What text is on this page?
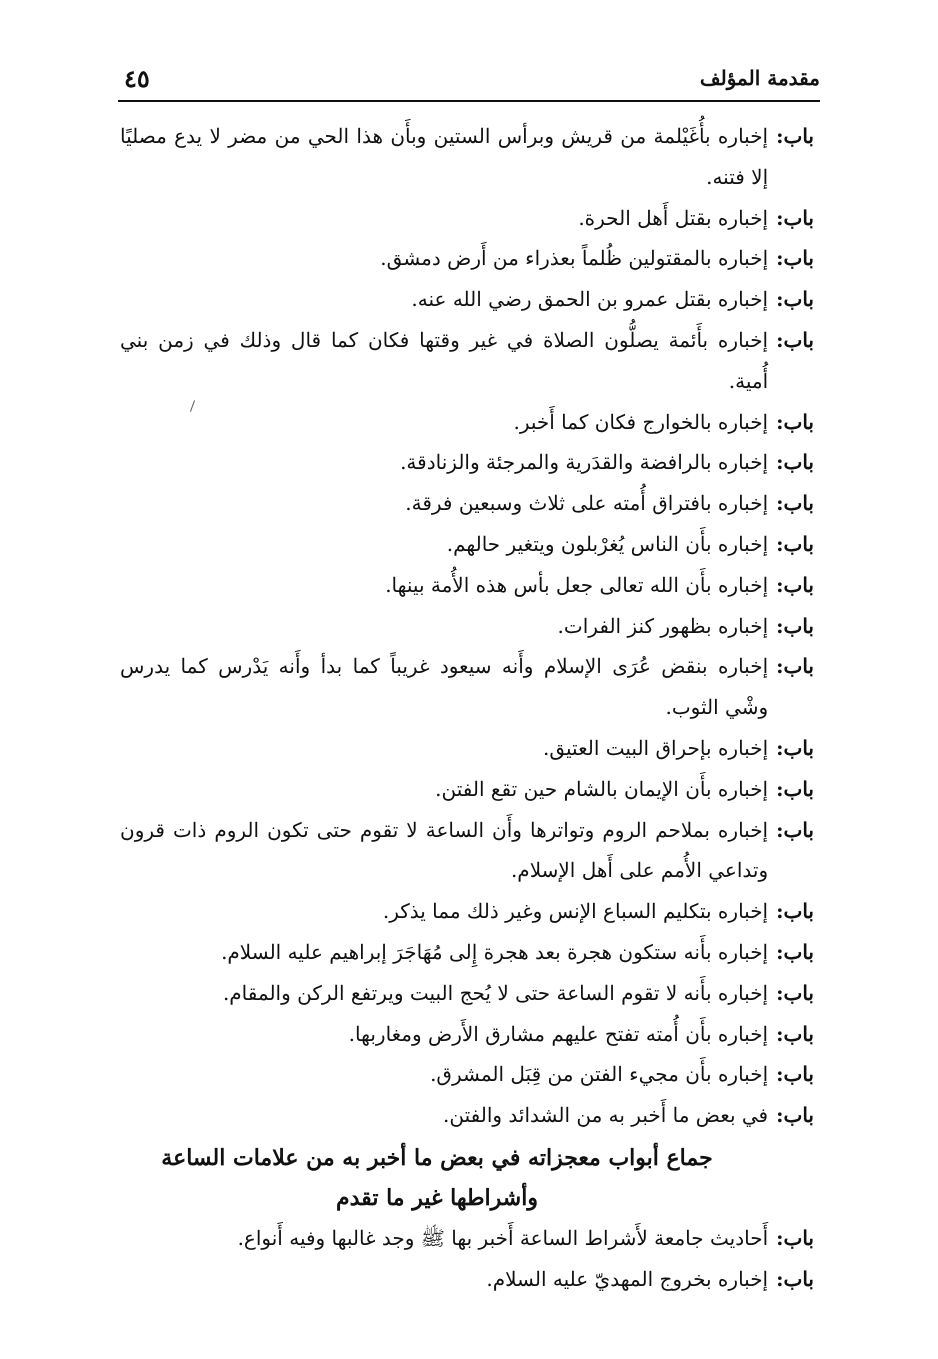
مقدمة المؤلف
٤٥
باب:
إخباره بأُغَيْلمة من قريش وبرأس الستين وبأَن هذا الحي من مضر لا يدع مصليًا إلا فتنه.
باب:
إخباره بقتل أَهل الحرة.
باب:
إخباره بالمقتولين ظُلماً بعذراء من أَرض دمشق.
باب:
إخباره بقتل عمرو بن الحمق رضي الله عنه.
باب:
إخباره بأَئمة يصلُّون الصلاة في غير وقتها فكان كما قال وذلك في زمن بني أُمية.
باب:
إخباره بالخوارج فكان كما أَخبر.
باب:
إخباره بالرافضة والقدَرية والمرجئة والزنادقة.
باب:
إخباره بافتراق أُمته على ثلاث وسبعين فرقة.
باب:
إخباره بأَن الناس يُغرْبلون ويتغير حالهم.
باب:
إخباره بأَن الله تعالى جعل بأس هذه الأُمة بينها.
باب:
إخباره بظهور كنز الفرات.
باب:
إخباره بنقض عُرَى الإسلام وأَنه سيعود غريباً كما بدأ وأَنه يَدْرس كما يدرس وشْي الثوب.
باب:
إخباره بإحراق البيت العتيق.
باب:
إخباره بأَن الإيمان بالشام حين تقع الفتن.
باب:
إخباره بملاحم الروم وتواترها وأَن الساعة لا تقوم حتى تكون الروم ذات قرون وتداعي الأُمم على أَهل الإسلام.
باب:
إخباره بتكليم السباع الإنس وغير ذلك مما يذكر.
باب:
إخباره بأَنه ستكون هجرة بعد هجرة إِلى مُهَاجَرَ إبراهيم عليه السلام.
باب:
إخباره بأَنه لا تقوم الساعة حتى لا يُحج البيت ويرتفع الركن والمقام.
باب:
إخباره بأَن أُمته تفتح عليهم مشارق الأَرض ومغاربها.
باب:
إخباره بأَن مجيء الفتن من قِبَل المشرق.
باب:
في بعض ما أَخبر به من الشدائد والفتن.
جماع أبواب معجزاته في بعض ما أخبر به من علامات الساعة
وأشراطها غير ما تقدم
باب:
أَحاديث جامعة لأَشراط الساعة أَخبر بها ﷺ وجد غالبها وفيه أَنواع.
باب:
إخباره بخروج المهديّ عليه السلام.
